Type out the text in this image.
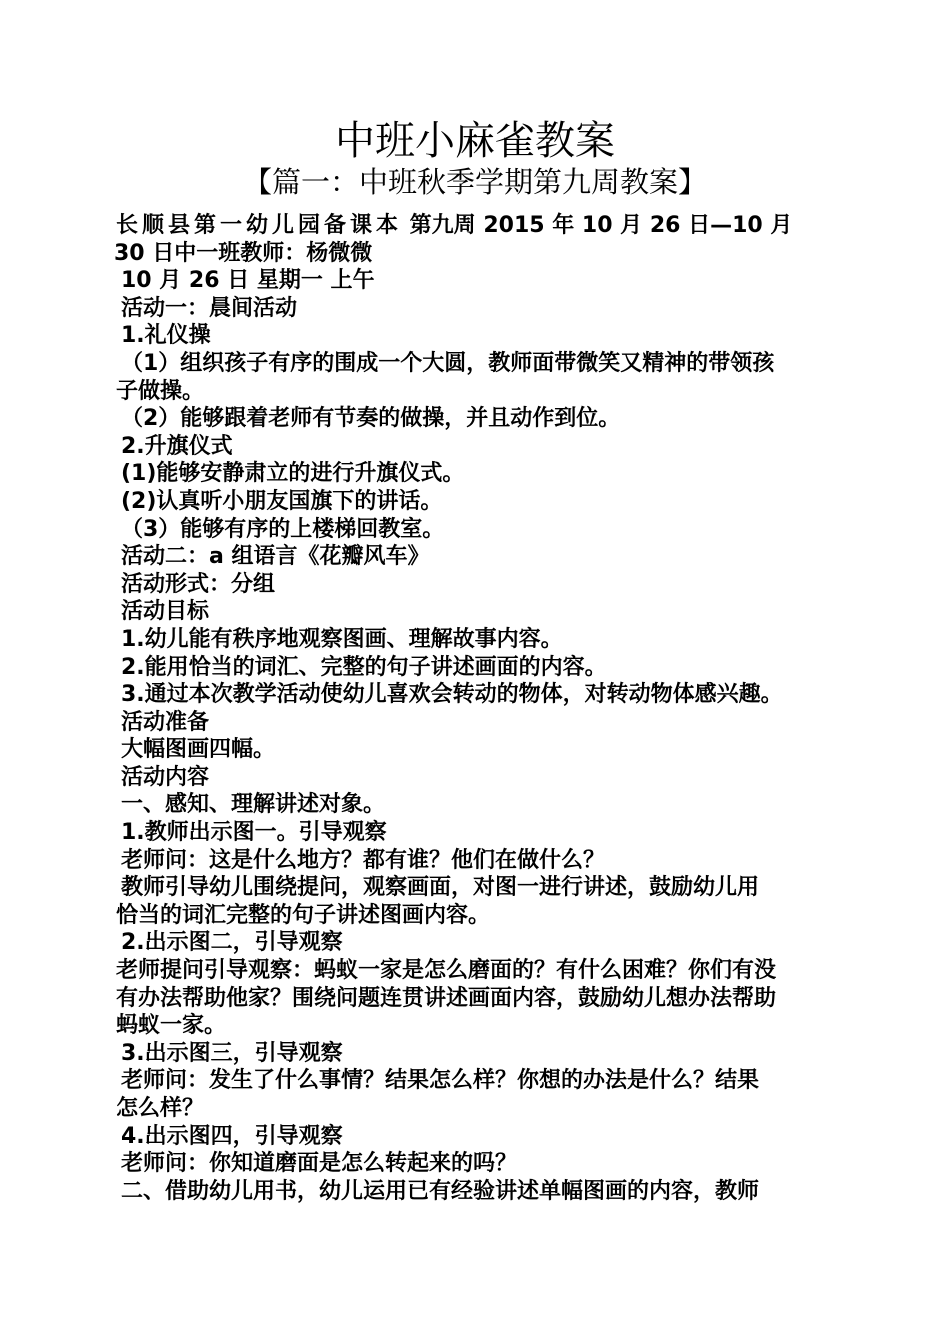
中班小麻雀教案
【篇一：中班秋季学期第九周教案】

长顺县第一幼儿园备课本 第九周 2015 年 10 月 26 日—10 月

30 日中一班教师：杨微微

10 月 26 日 星期一 上午

活动一：晨间活动

1.礼仪操

（1）组织孩子有序的围成一个大圆，教师面带微笑又精神的带领孩

子做操。

（2）能够跟着老师有节奏的做操，并且动作到位。

2.升旗仪式

(1)能够安静肃立的进行升旗仪式。

(2)认真听小朋友国旗下的讲话。

（3）能够有序的上楼梯回教室。

活动二：a 组语言《花瓣风车》

活动形式：分组

活动目标

1.幼儿能有秩序地观察图画、理解故事内容。

2.能用恰当的词汇、完整的句子讲述画面的内容。

3.通过本次教学活动使幼儿喜欢会转动的物体，对转动物体感兴趣。

活动准备

大幅图画四幅。

活动内容

一、感知、理解讲述对象。

1.教师出示图一。引导观察

老师问：这是什么地方？都有谁？他们在做什么？

教师引导幼儿围绕提问，观察画面，对图一进行讲述，鼓励幼儿用

恰当的词汇完整的句子讲述图画内容。

2.出示图二，引导观察

老师提问引导观察：蚂蚁一家是怎么磨面的？有什么困难？你们有没

有办法帮助他家？围绕问题连贯讲述画面内容，鼓励幼儿想办法帮助

蚂蚁一家。

3.出示图三，引导观察

老师问：发生了什么事情？结果怎么样？你想的办法是什么？结果

怎么样？

4.出示图四，引导观察

老师问：你知道磨面是怎么转起来的吗？

二、借助幼儿用书，幼儿运用已有经验讲述单幅图画的内容，教师
